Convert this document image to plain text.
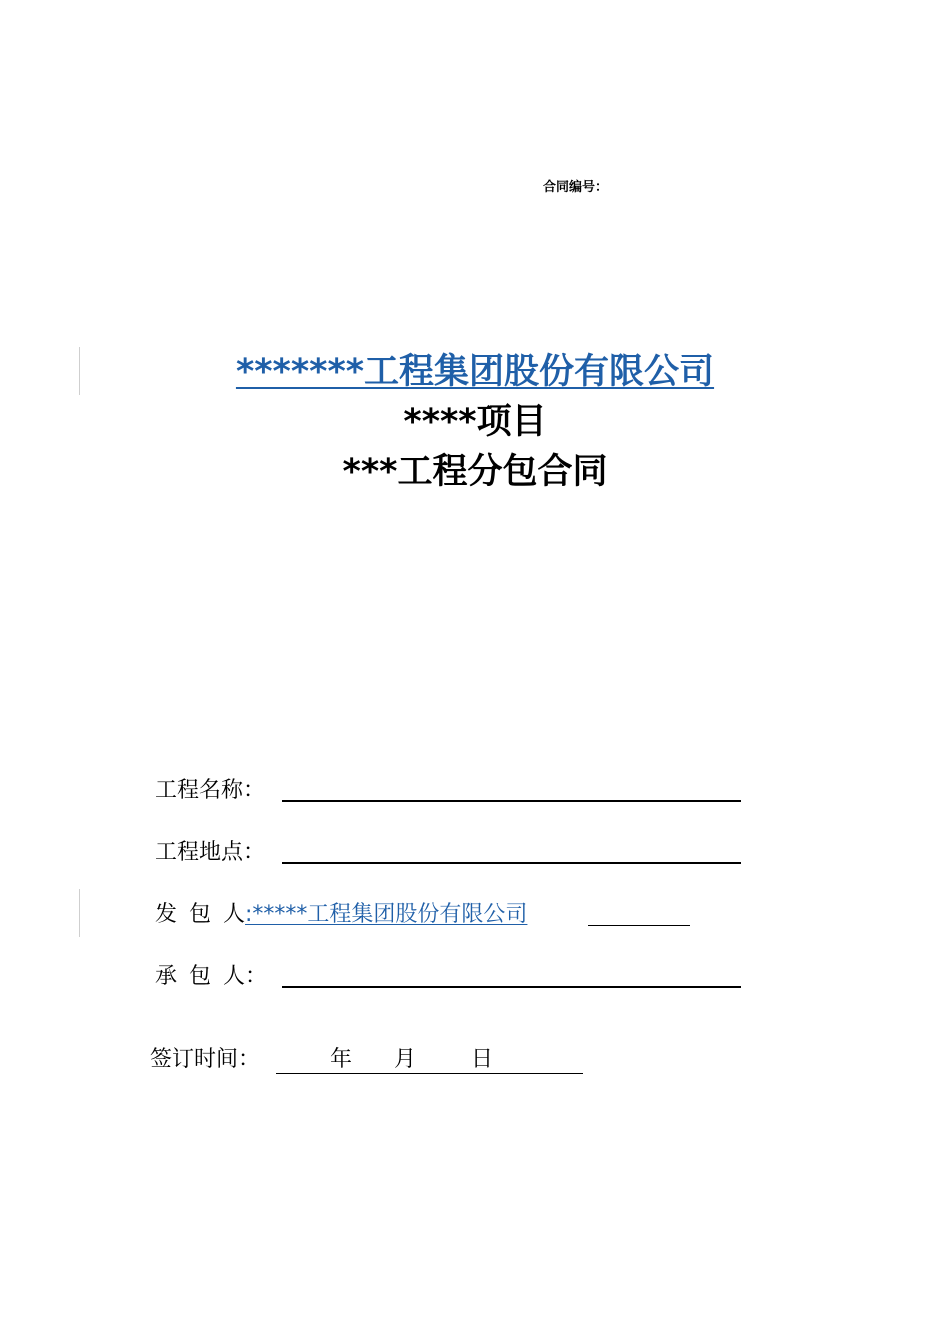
合同编号：
*******工程集团股份有限公司
****项目
***工程分包合同
工程名称：
工程地点：
发 包 人:*****工程集团股份有限公司
承 包 人：
签订时间：	年 月 日
